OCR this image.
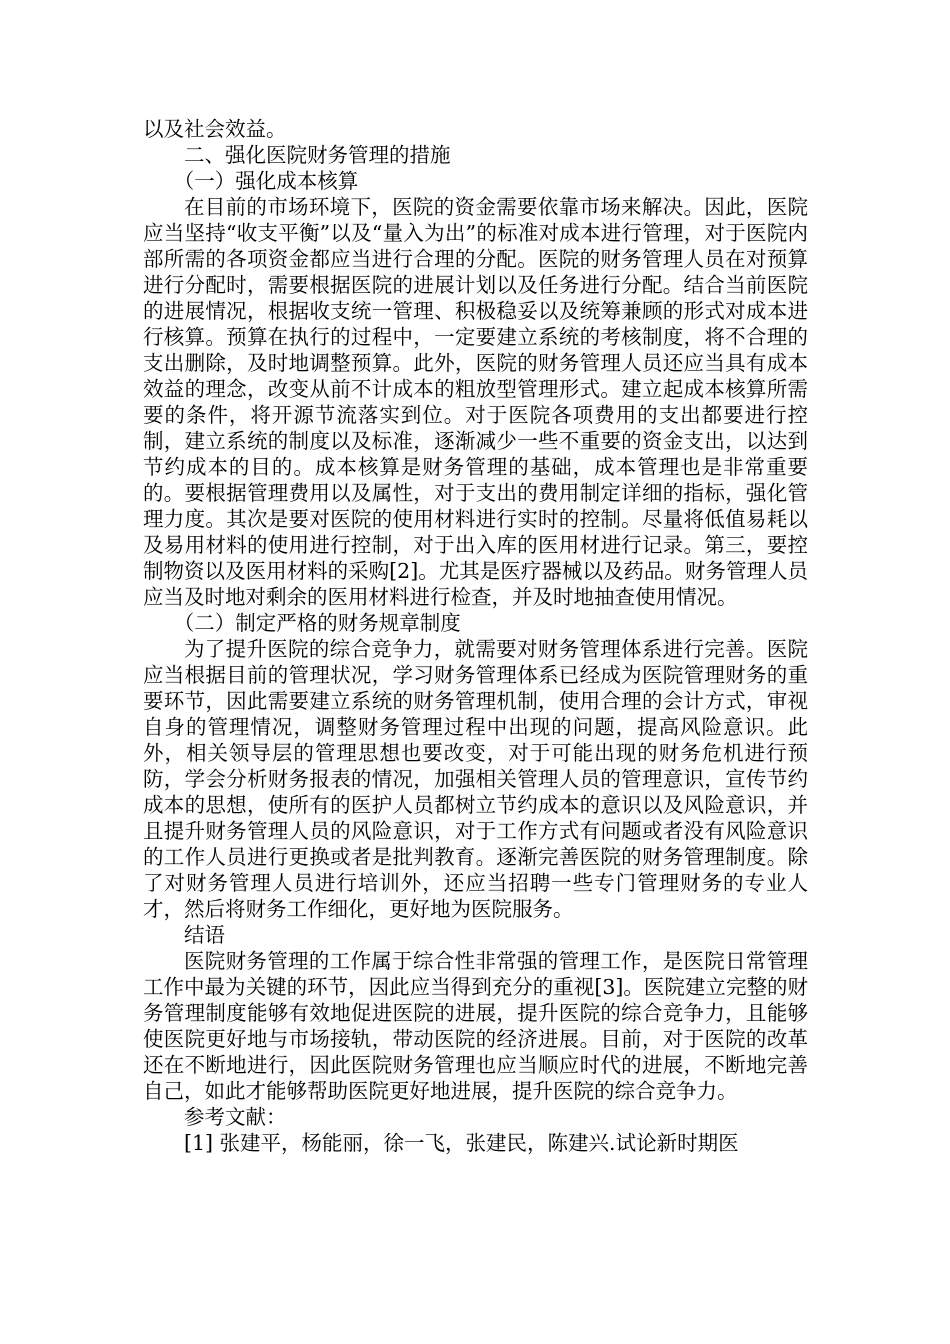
以及社会效益。

二、强化医院财务管理的措施

（一）强化成本核算

在目前的市场环境下，医院的资金需要依靠市场来解决。因此，医院应当坚持“收支平衡”以及“量入为出”的标准对成本进行管理，对于医院内部所需的各项资金都应当进行合理的分配。医院的财务管理人员在对预算进行分配时，需要根据医院的进展计划以及任务进行分配。结合当前医院的进展情况，根据收支统一管理、积极稳妥以及统筹兼顾的形式对成本进行核算。预算在执行的过程中，一定要建立系统的考核制度，将不合理的支出删除，及时地调整预算。此外，医院的财务管理人员还应当具有成本效益的理念，改变从前不计成本的粗放型管理形式。建立起成本核算所需要的条件，将开源节流落实到位。对于医院各项费用的支出都要进行控制，建立系统的制度以及标准，逐渐减少一些不重要的资金支出，以达到节约成本的目的。成本核算是财务管理的基础，成本管理也是非常重要的。要根据管理费用以及属性，对于支出的费用制定详细的指标，强化管理力度。其次是要对医院的使用材料进行实时的控制。尽量将低值易耗以及易用材料的使用进行控制，对于出入库的医用材进行记录。第三，要控制物资以及医用材料的采购[2]。尤其是医疗器械以及药品。财务管理人员应当及时地对剩余的医用材料进行检查，并及时地抽查使用情况。

（二）制定严格的财务规章制度

为了提升医院的综合竞争力，就需要对财务管理体系进行完善。医院应当根据目前的管理状况，学习财务管理体系已经成为医院管理财务的重要环节，因此需要建立系统的财务管理机制，使用合理的会计方式，审视自身的管理情况，调整财务管理过程中出现的问题，提高风险意识。此外，相关领导层的管理思想也要改变，对于可能出现的财务危机进行预防，学会分析财务报表的情况，加强相关管理人员的管理意识，宣传节约成本的思想，使所有的医护人员都树立节约成本的意识以及风险意识，并且提升财务管理人员的风险意识，对于工作方式有问题或者没有风险意识的工作人员进行更换或者是批判教育。逐渐完善医院的财务管理制度。除了对财务管理人员进行培训外，还应当招聘一些专门管理财务的专业人才，然后将财务工作细化，更好地为医院服务。

结语

医院财务管理的工作属于综合性非常强的管理工作，是医院日常管理工作中最为关键的环节，因此应当得到充分的重视[3]。医院建立完整的财务管理制度能够有效地促进医院的进展，提升医院的综合竞争力，且能够使医院更好地与市场接轨，带动医院的经济进展。目前，对于医院的改革还在不断地进行，因此医院财务管理也应当顺应时代的进展，不断地完善自己，如此才能够帮助医院更好地进展，提升医院的综合竞争力。

参考文献：

[1] 张建平，杨能丽，徐一飞，张建民，陈建兴.试论新时期医
